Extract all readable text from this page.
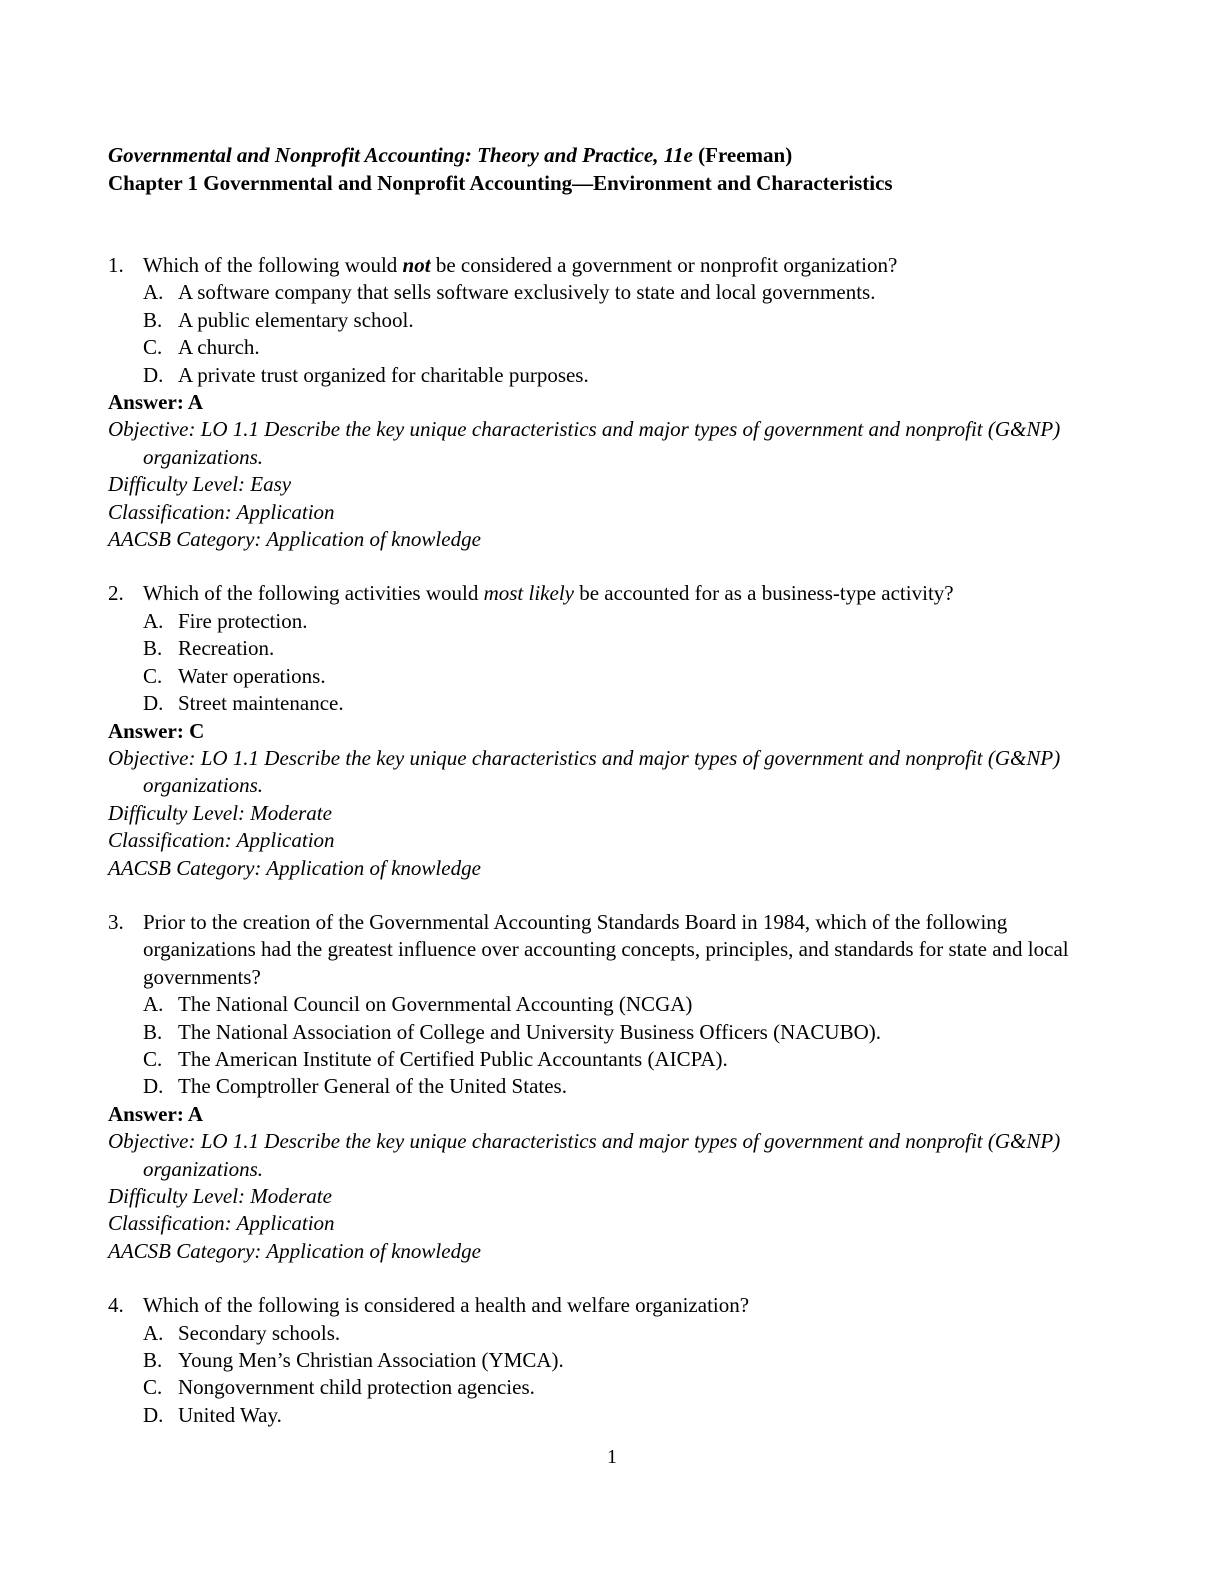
Governmental and Nonprofit Accounting: Theory and Practice, 11e (Freeman)
Chapter 1 Governmental and Nonprofit Accounting—Environment and Characteristics
1. Which of the following would not be considered a government or nonprofit organization?
A. A software company that sells software exclusively to state and local governments.
B. A public elementary school.
C. A church.
D. A private trust organized for charitable purposes.
Answer: A
Objective: LO 1.1 Describe the key unique characteristics and major types of government and nonprofit (G&NP) organizations.
Difficulty Level: Easy
Classification: Application
AACSB Category: Application of knowledge
2. Which of the following activities would most likely be accounted for as a business-type activity?
A. Fire protection.
B. Recreation.
C. Water operations.
D. Street maintenance.
Answer: C
Objective: LO 1.1 Describe the key unique characteristics and major types of government and nonprofit (G&NP) organizations.
Difficulty Level: Moderate
Classification: Application
AACSB Category: Application of knowledge
3. Prior to the creation of the Governmental Accounting Standards Board in 1984, which of the following organizations had the greatest influence over accounting concepts, principles, and standards for state and local governments?
A. The National Council on Governmental Accounting (NCGA)
B. The National Association of College and University Business Officers (NACUBO).
C. The American Institute of Certified Public Accountants (AICPA).
D. The Comptroller General of the United States.
Answer: A
Objective: LO 1.1 Describe the key unique characteristics and major types of government and nonprofit (G&NP) organizations.
Difficulty Level: Moderate
Classification: Application
AACSB Category: Application of knowledge
4. Which of the following is considered a health and welfare organization?
A. Secondary schools.
B. Young Men’s Christian Association (YMCA).
C. Nongovernment child protection agencies.
D. United Way.
1
